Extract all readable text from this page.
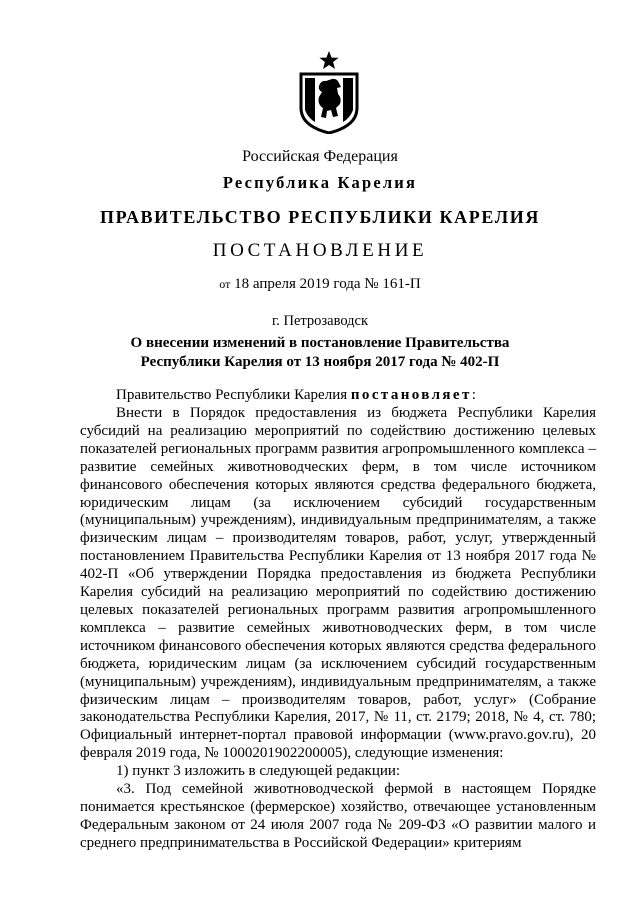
Российская Федерация
Республика Карелия
ПРАВИТЕЛЬСТВО РЕСПУБЛИКИ КАРЕЛИЯ
ПОСТАНОВЛЕНИЕ
от 18 апреля 2019 года № 161-П
г. Петрозаводск
О внесении изменений в постановление Правительства
Республики Карелия от 13 ноября 2017 года № 402-П
Правительство Республики Карелия постановляет:

Внести в Порядок предоставления из бюджета Республики Карелия субсидий на реализацию мероприятий по содействию достижению целевых показателей региональных программ развития агропромышленного комплекса – развитие семейных животноводческих ферм, в том числе источником финансового обеспечения которых являются средства федерального бюджета, юридическим лицам (за исключением субсидий государственным (муниципальным) учреждениям), индивидуальным предпринимателям, а также физическим лицам – производителям товаров, работ, услуг, утвержденный постановлением Правительства Республики Карелия от 13 ноября 2017 года № 402-П «Об утверждении Порядка предоставления из бюджета Республики Карелия субсидий на реализацию мероприятий по содействию достижению целевых показателей региональных программ развития агропромышленного комплекса – развитие семейных животноводческих ферм, в том числе источником финансового обеспечения которых являются средства федерального бюджета, юридическим лицам (за исключением субсидий государственным (муниципальным) учреждениям), индивидуальным предпринимателям, а также физическим лицам – производителям товаров, работ, услуг» (Собрание законодательства Республики Карелия, 2017, № 11, ст. 2179; 2018, № 4, ст. 780; Официальный интернет-портал правовой информации (www.pravo.gov.ru), 20 февраля 2019 года, № 1000201902200005), следующие изменения:

1) пункт 3 изложить в следующей редакции:

«3. Под семейной животноводческой фермой в настоящем Порядке понимается крестьянское (фермерское) хозяйство, отвечающее установленным Федеральным законом от 24 июля 2007 года № 209-ФЗ «О развитии малого и среднего предпринимательства в Российской Федерации» критериям
